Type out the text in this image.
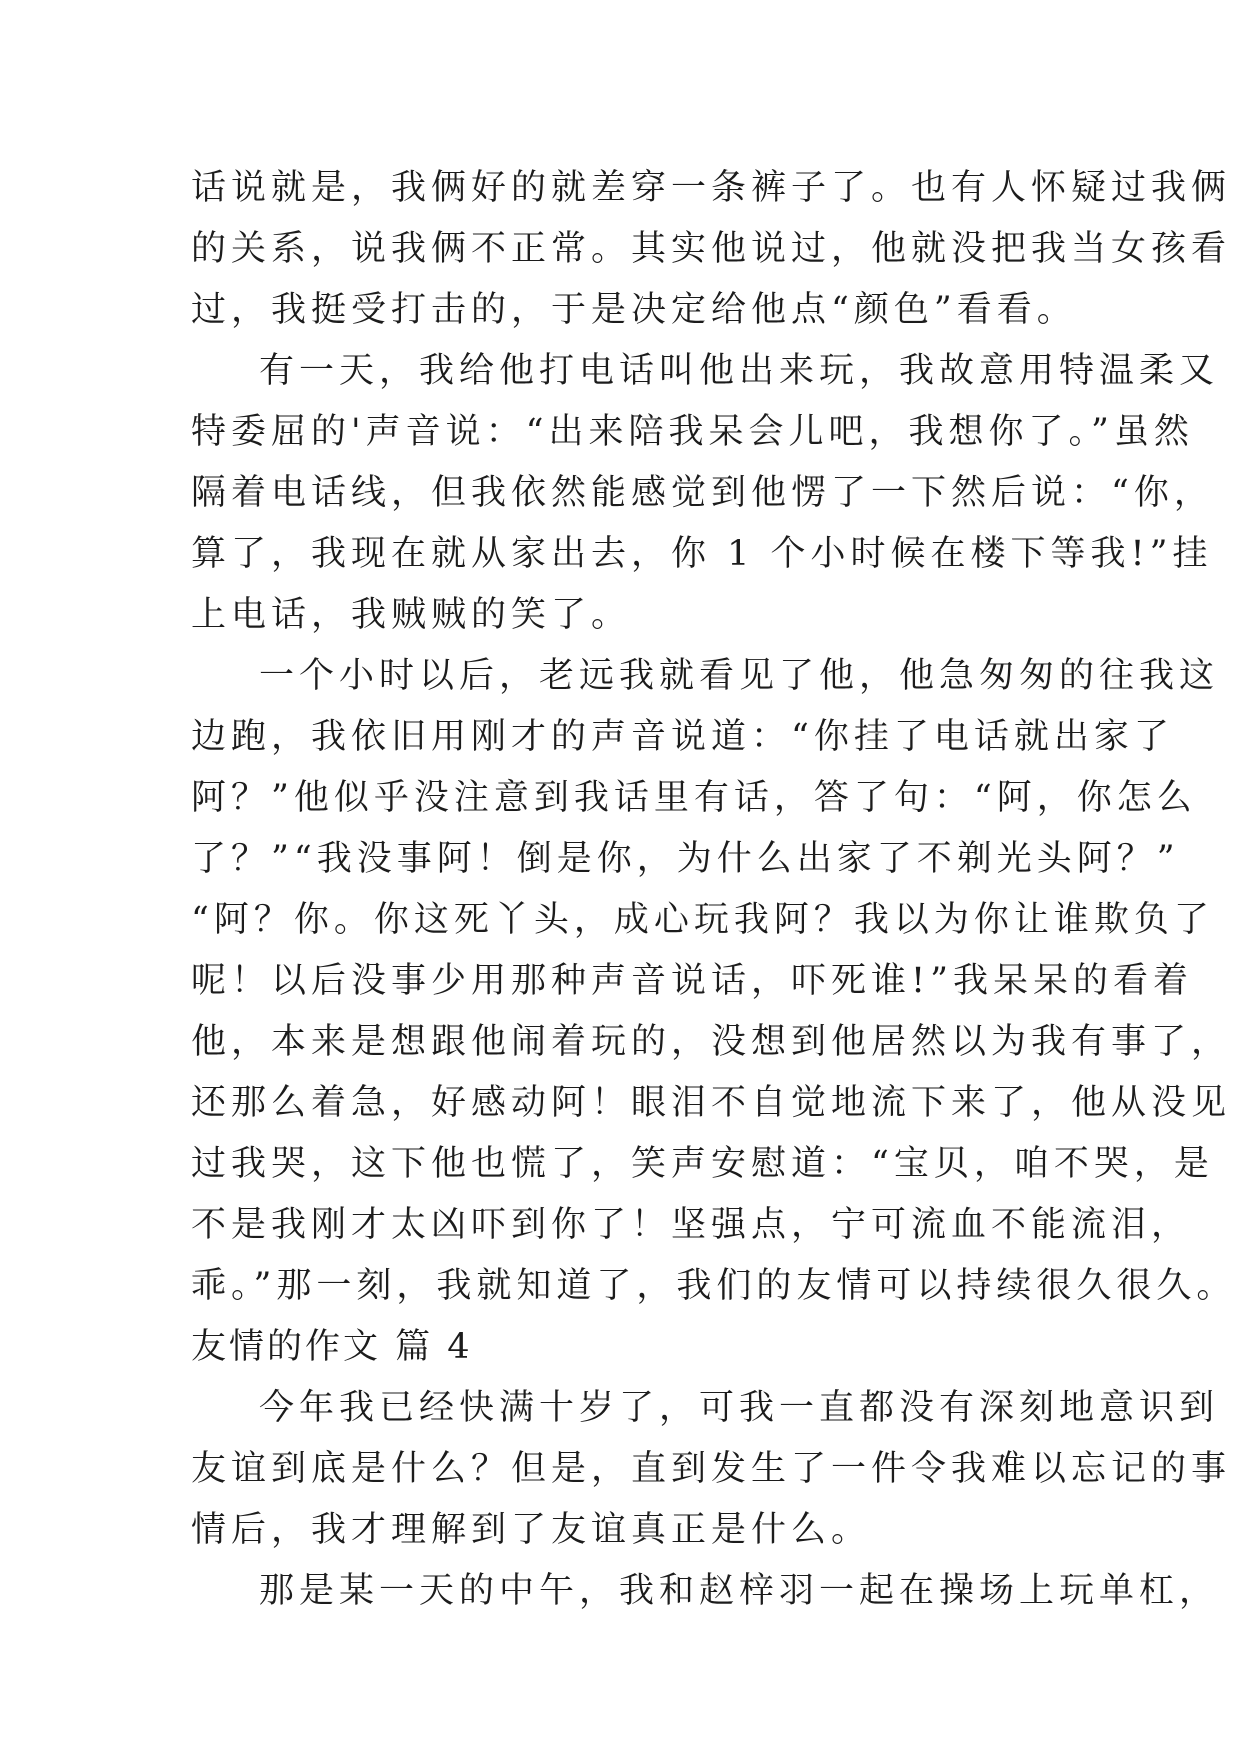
话说就是，我俩好的就差穿一条裤子了。也有人怀疑过我俩
的关系，说我俩不正常。其实他说过，他就没把我当女孩看
过，我挺受打击的，于是决定给他点“颜色”看看。
有一天，我给他打电话叫他出来玩，我故意用特温柔又
特委屈的'声音说：“出来陪我呆会儿吧，我想你了。”虽然
隔着电话线，但我依然能感觉到他愣了一下然后说：“你，
算了，我现在就从家出去，你 1 个小时候在楼下等我!”挂
上电话，我贼贼的笑了。
一个小时以后，老远我就看见了他，他急匆匆的往我这
边跑，我依旧用刚才的声音说道：“你挂了电话就出家了
阿？”他似乎没注意到我话里有话，答了句：“阿，你怎么
了？”“我没事阿！倒是你，为什么出家了不剃光头阿？”
“阿？你。你这死丫头，成心玩我阿？我以为你让谁欺负了
呢！以后没事少用那种声音说话，吓死谁!”我呆呆的看着
他，本来是想跟他闹着玩的，没想到他居然以为我有事了，
还那么着急，好感动阿！眼泪不自觉地流下来了，他从没见
过我哭，这下他也慌了，笑声安慰道：“宝贝，咱不哭，是
不是我刚才太凶吓到你了！坚强点，宁可流血不能流泪，
乖。”那一刻，我就知道了，我们的友情可以持续很久很久。
友情的作文 篇 4
今年我已经快满十岁了，可我一直都没有深刻地意识到
友谊到底是什么？但是，直到发生了一件令我难以忘记的事
情后，我才理解到了友谊真正是什么。
那是某一天的中午，我和赵梓羽一起在操场上玩单杠，
